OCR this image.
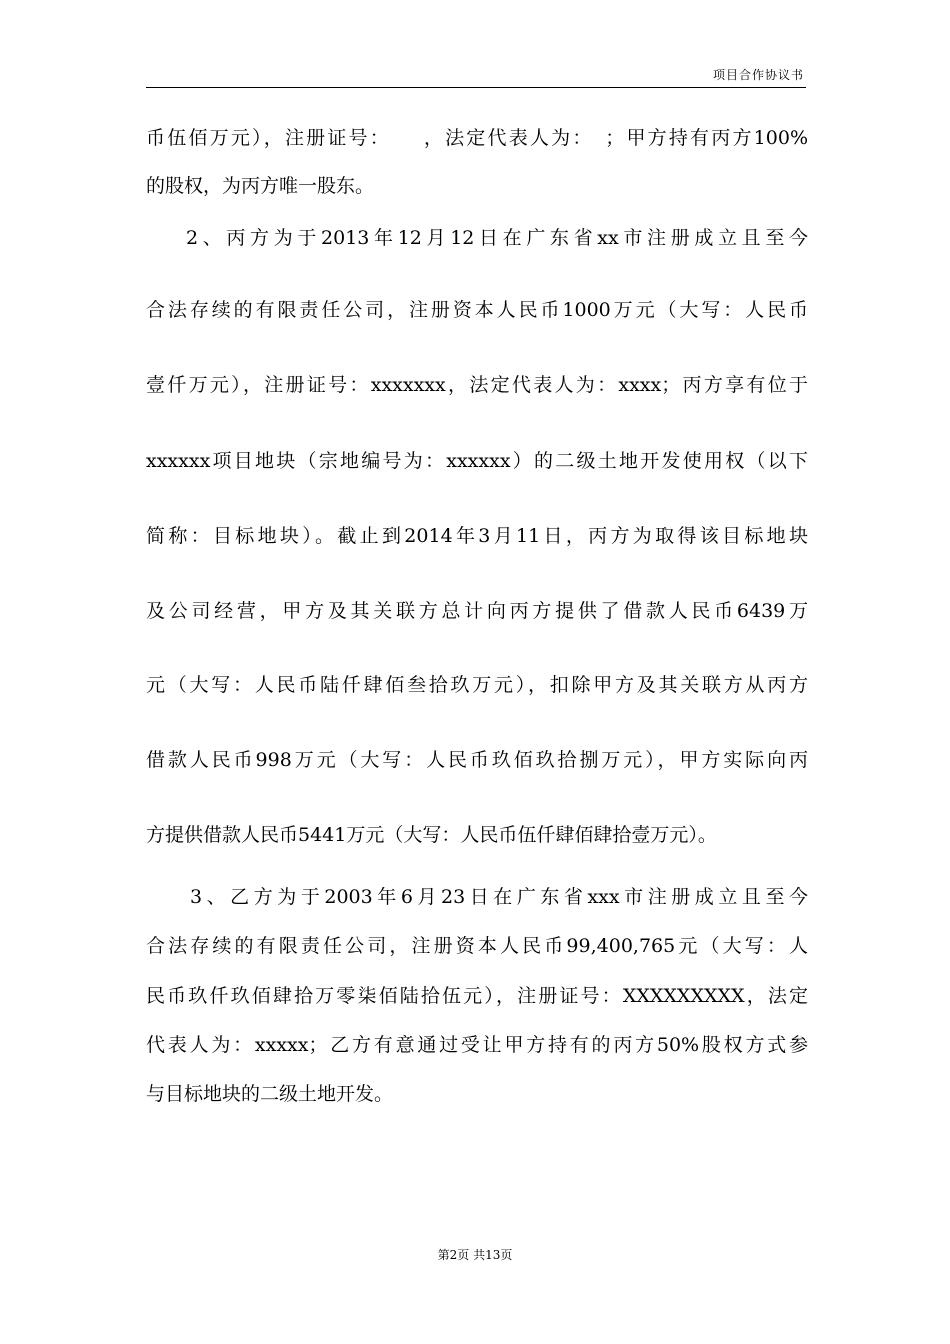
项目合作协议书
币伍佰万元），注册证号：　　，法定代表人为：　；甲方持有丙方100%
的股权，为丙方唯一股东。
2、丙方为于2013年12月12日在广东省xx市注册成立且至今
合法存续的有限责任公司，注册资本人民币1000万元（大写：人民币
壹仟万元），注册证号：xxxxxxx，法定代表人为：xxxx；丙方享有位于
xxxxxx项目地块（宗地编号为：xxxxxx）的二级土地开发使用权（以下
简称：目标地块）。截止到2014年3月11日，丙方为取得该目标地块
及公司经营，甲方及其关联方总计向丙方提供了借款人民币6439万
元（大写：人民币陆仟肆佰叁拾玖万元），扣除甲方及其关联方从丙方
借款人民币998万元（大写：人民币玖佰玖拾捌万元），甲方实际向丙
方提供借款人民币5441万元（大写：人民币伍仟肆佰肆拾壹万元）。
3、乙方为于2003年6月23日在广东省xxx市注册成立且至今
合法存续的有限责任公司，注册资本人民币99,400,765元（大写：人
民币玖仟玖佰肆拾万零柒佰陆拾伍元），注册证号：XXXXXXXXX，法定
代表人为：xxxxx；乙方有意通过受让甲方持有的丙方50%股权方式参
与目标地块的二级土地开发。
第2页 共13页
